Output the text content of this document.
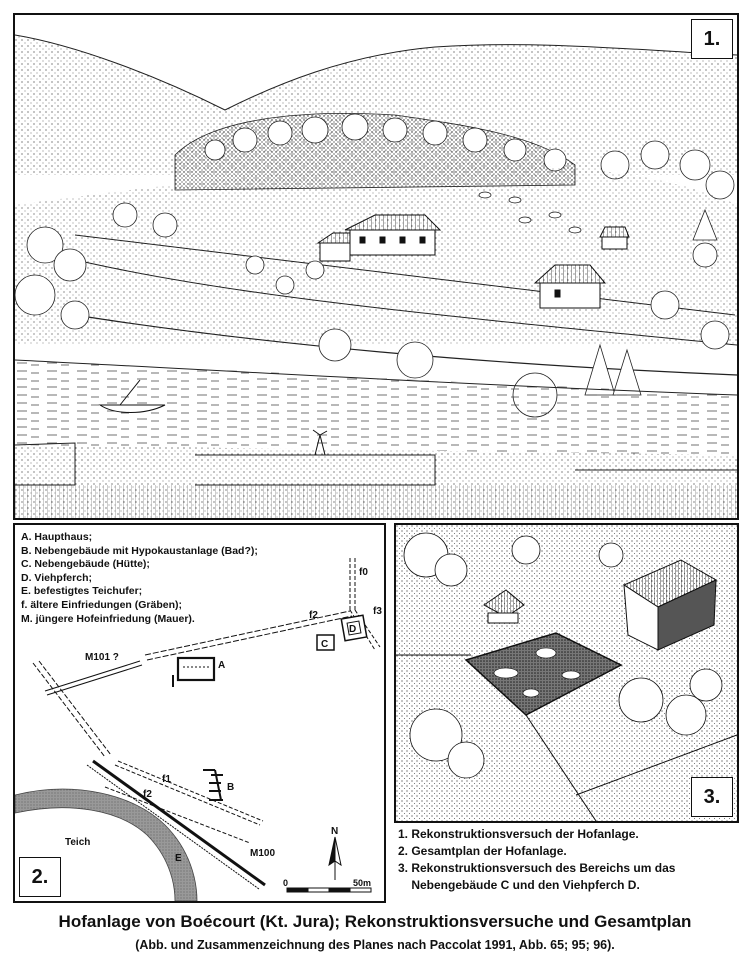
1.
A. Haupthaus;
B. Nebengebäude mit Hypokaustanlage (Bad?);
C. Nebengebäude (Hütte);
D. Viehpferch;
E. befestigtes Teichufer;
f. ältere Einfriedungen (Gräben);
M. jüngere Hofeinfriedung (Mauer).
A
B
C
D
E
f0
f2	f3
f1
f2
M101 ?
M100
Teich
N
0	50m
2.
3.
1. Rekonstruktionsversuch der Hofanlage.
2. Gesamtplan der Hofanlage.
3. Rekonstruktionsversuch des Bereichs um das
Nebengebäude C und den Viehpferch D.
Hofanlage von Boécourt (Kt. Jura); Rekonstruktionsversuche und Gesamtplan
(Abb. und Zusammenzeichnung des Planes nach Paccolat 1991, Abb. 65; 95; 96).
